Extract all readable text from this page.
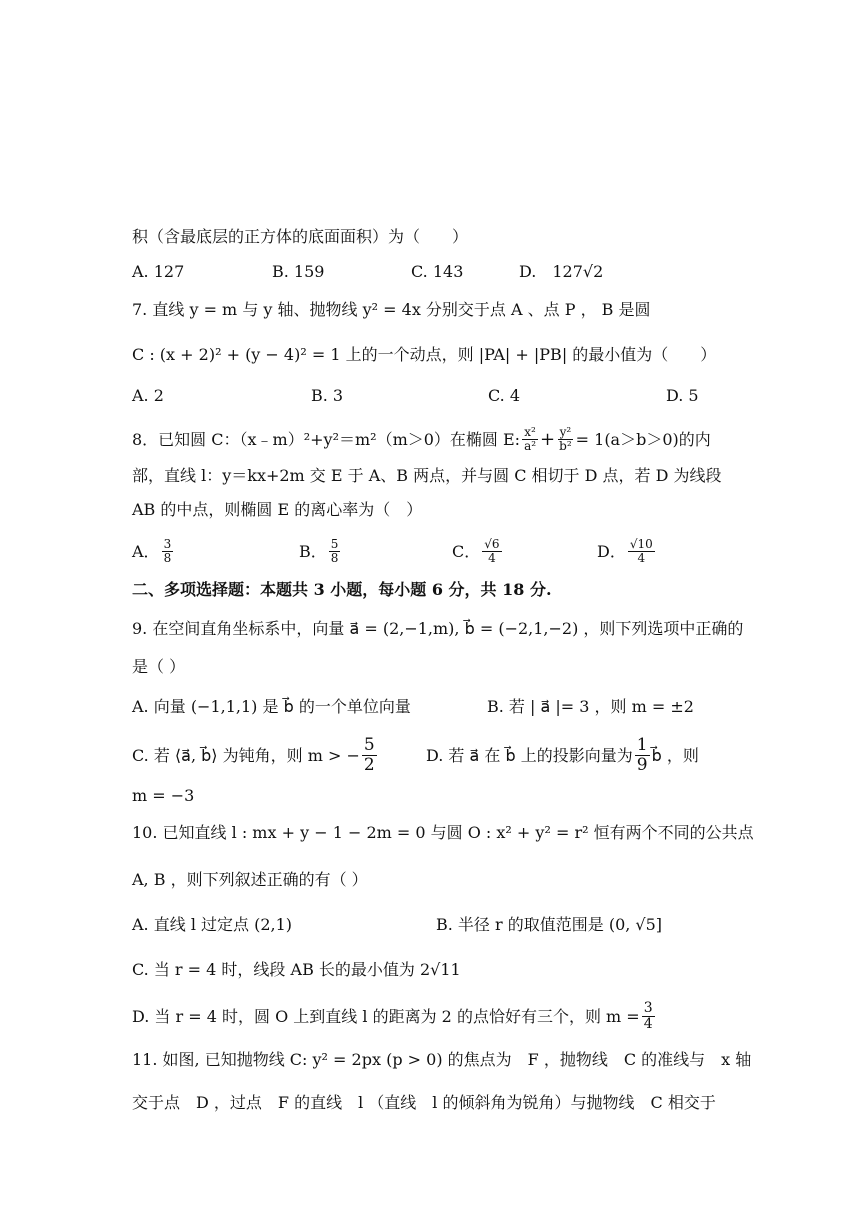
积（含最底层的正方体的底面面积）为（　　）
A. 127	B. 159	C. 143	D.　127√2
7. 直线 y = m 与 y 轴、抛物线 y² = 4x 分别交于点 A 、点 P ， B 是圆
C : (x + 2)² + (y − 4)² = 1 上的一个动点，则 |PA| + |PB| 的最小值为（　　）
A. 2	B. 3	C. 4	D. 5
8．已知圆 C：（x﹣m）²+y²＝m²（m＞0）在椭圆 E: $\frac{\text{x²}}{\text{a²}} + \frac{\text{y²}}{\text{b²}} = 1(a>b>0)$的内
部，直线 l：y＝kx+2m 交 E 于 A、B 两点，并与圆 C 相切于 D 点，若 D 为线段
AB 的中点，则椭圆 E 的离心率为（　）
A． $\frac{3}{8}$	B． $\frac{5}{8}$	C． $\frac{√6}{4}$	D． $\frac{√10}{4}$
二、多项选择题：本题共 3 小题，每小题 6 分，共 18 分.
9. 在空间直角坐标系中，向量 a⃗ = (2,−1,m), b⃗ = (−2,1,−2) ，则下列选项中正确的
是（ ）
A. 向量 (−1,1,1) 是 b⃗ 的一个单位向量	B. 若 | a⃗ |= 3 ，则 m = ±2
C. 若 ⟨a⃗, b⃗⟩ 为钝角，则 m > − $\frac{5}{2}$	D. 若 a⃗ 在 b⃗ 上的投影向量为 $\frac{1}{9}$ b⃗ ，则
m = −3
10. 已知直线 l : mx + y − 1 − 2m = 0 与圆 O : x² + y² = r² 恒有两个不同的公共点
A, B ，则下列叙述正确的有（ ）
A. 直线 l 过定点 (2,1)	B. 半径 r 的取值范围是 (0, √5]
C. 当 r = 4 时，线段 AB 长的最小值为 2√11
D. 当 r = 4 时，圆 O 上到直线 l 的距离为 2 的点恰好有三个，则 $m = \frac{3}{4}$
11. 如图, 已知抛物线 C: y² = 2px (p > 0) 的焦点为　F ，抛物线　C 的准线与　x 轴
交于点　D ，过点　F 的直线　l （直线　l 的倾斜角为锐角）与抛物线　C 相交于
